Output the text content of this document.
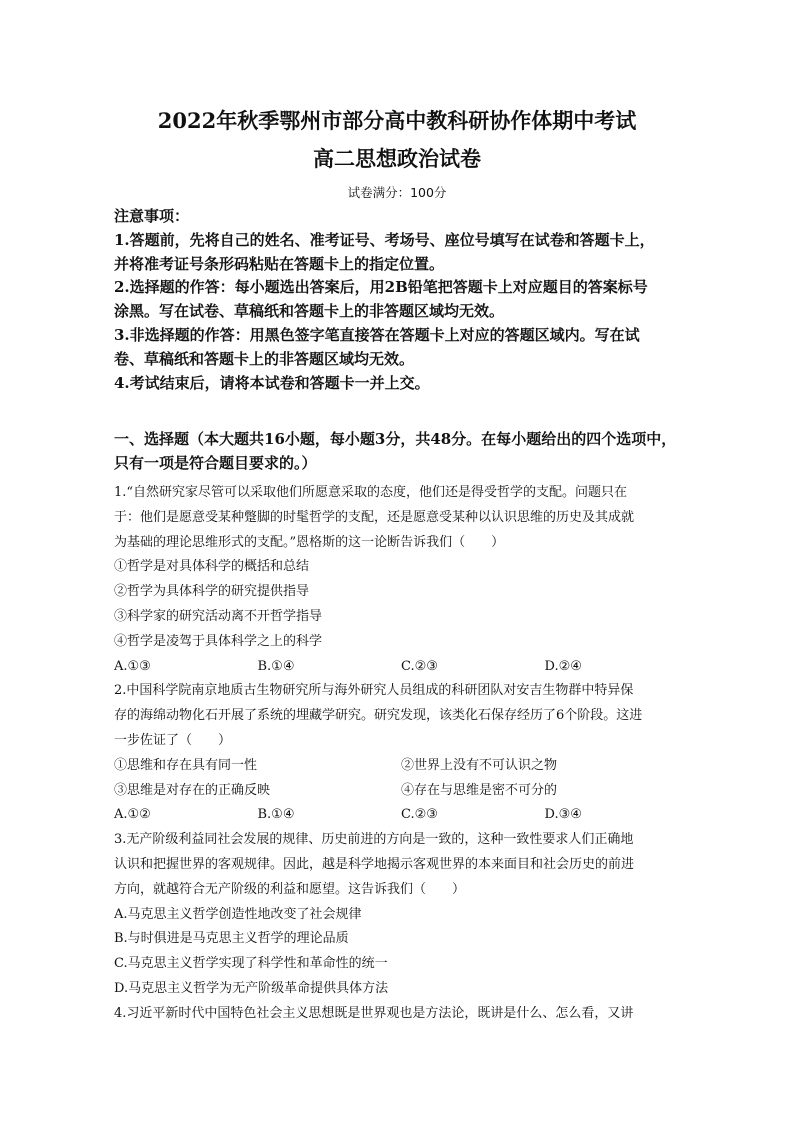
2022年秋季鄂州市部分高中教科研协作体期中考试
高二思想政治试卷
试卷满分：100分

注意事项：

1.答题前，先将自己的姓名、准考证号、考场号、座位号填写在试卷和答题卡上，

并将准考证号条形码粘贴在答题卡上的指定位置。

2.选择题的作答：每小题选出答案后，用2B铅笔把答题卡上对应题目的答案标号

涂黑。写在试卷、草稿纸和答题卡上的非答题区域均无效。

3.非选择题的作答：用黑色签字笔直接答在答题卡上对应的答题区域内。写在试

卷、草稿纸和答题卡上的非答题区域均无效。

4.考试结束后，请将本试卷和答题卡一并上交。

一、选择题（本大题共16小题，每小题3分，共48分。在每小题给出的四个选项中，

只有一项是符合题目要求的。）

1.“自然研究家尽管可以采取他们所愿意采取的态度，他们还是得受哲学的支配。问题只在

于：他们是愿意受某种蹩脚的时髦哲学的支配，还是愿意受某种以认识思维的历史及其成就

为基础的理论思维形式的支配。”恩格斯的这一论断告诉我们（　　）

①哲学是对具体科学的概括和总结

②哲学为具体科学的研究提供指导

③科学家的研究活动离不开哲学指导

④哲学是凌驾于具体科学之上的科学

A.①③	B.①④	C.②③	D.②④

2.中国科学院南京地质古生物研究所与海外研究人员组成的科研团队对安吉生物群中特异保

存的海绵动物化石开展了系统的埋藏学研究。研究发现，该类化石保存经历了6个阶段。这进

一步佐证了（　　）

①思维和存在具有同一性	②世界上没有不可认识之物

③思维是对存在的正确反映	④存在与思维是密不可分的

A.①②	B.①④	C.②③	D.③④

3.无产阶级利益同社会发展的规律、历史前进的方向是一致的，这种一致性要求人们正确地

认识和把握世界的客观规律。因此，越是科学地揭示客观世界的本来面目和社会历史的前进

方向，就越符合无产阶级的利益和愿望。这告诉我们（　　）

A.马克思主义哲学创造性地改变了社会规律

B.与时俱进是马克思主义哲学的理论品质

C.马克思主义哲学实现了科学性和革命性的统一

D.马克思主义哲学为无产阶级革命提供具体方法

4.习近平新时代中国特色社会主义思想既是世界观也是方法论，既讲是什么、怎么看，又讲
